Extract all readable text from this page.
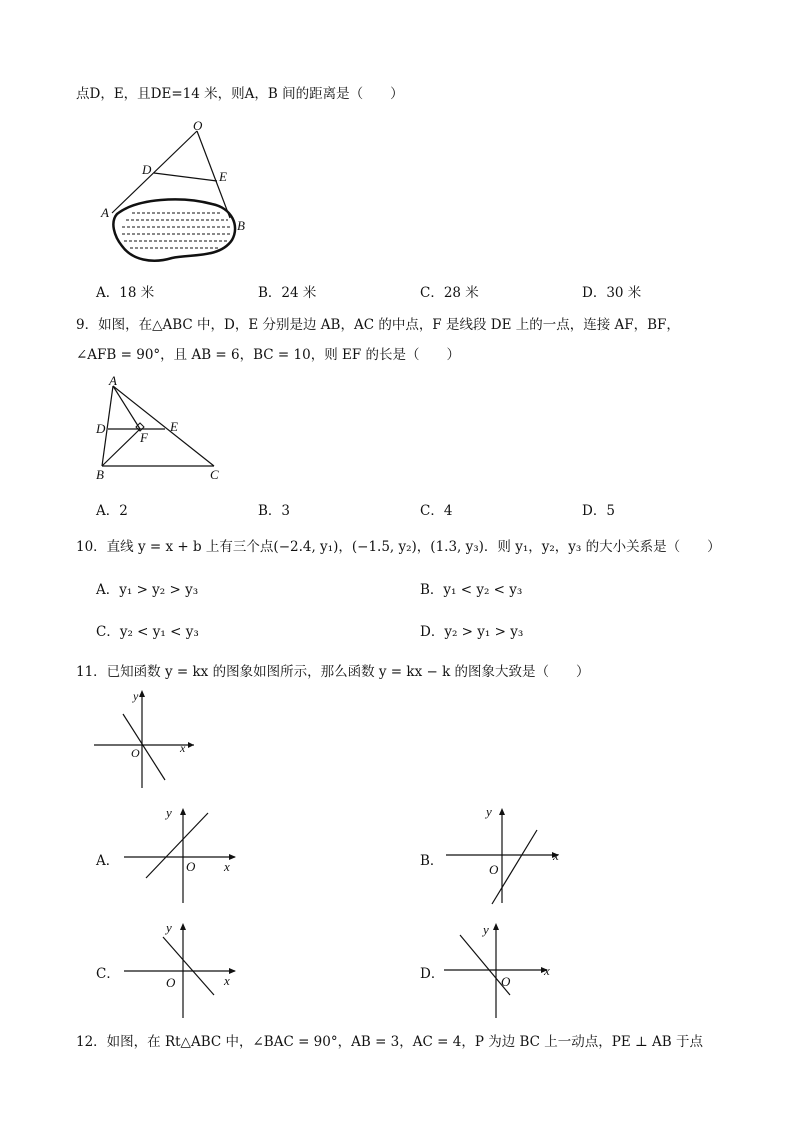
点D，E，且DE=14 米，则A，B 间的距离是（　　）
O
D	E
A
B
A．18 米	B．24 米	C．28 米	D．30 米
9．如图，在△ABC 中，D，E 分别是边 AB，AC 的中点，F 是线段 DE 上的一点，连接 AF，BF，
∠AFB = 90°，且 AB = 6，BC = 10，则 EF 的长是（　　）
A
D	E
F
B	C
A．2	B．3	C．4	D．5
10．直线 y = x + b 上有三个点(−2.4, y₁)，(−1.5, y₂)，(1.3, y₃)．则 y₁，y₂，y₃ 的大小关系是（　　）
A．y₁ > y₂ > y₃	B．y₁ < y₂ < y₃
C．y₂ < y₁ < y₃	D．y₂ > y₁ > y₃
11．已知函数 y = kx 的图象如图所示，那么函数 y = kx − k 的图象大致是（　　）
y
x
O
A．
y
x
O	B．
y
x
O
C．
y
x
O
D．
y
x
O
12．如图，在 Rt△ABC 中，∠BAC = 90°，AB = 3，AC = 4，P 为边 BC 上一动点，PE ⊥ AB 于点
